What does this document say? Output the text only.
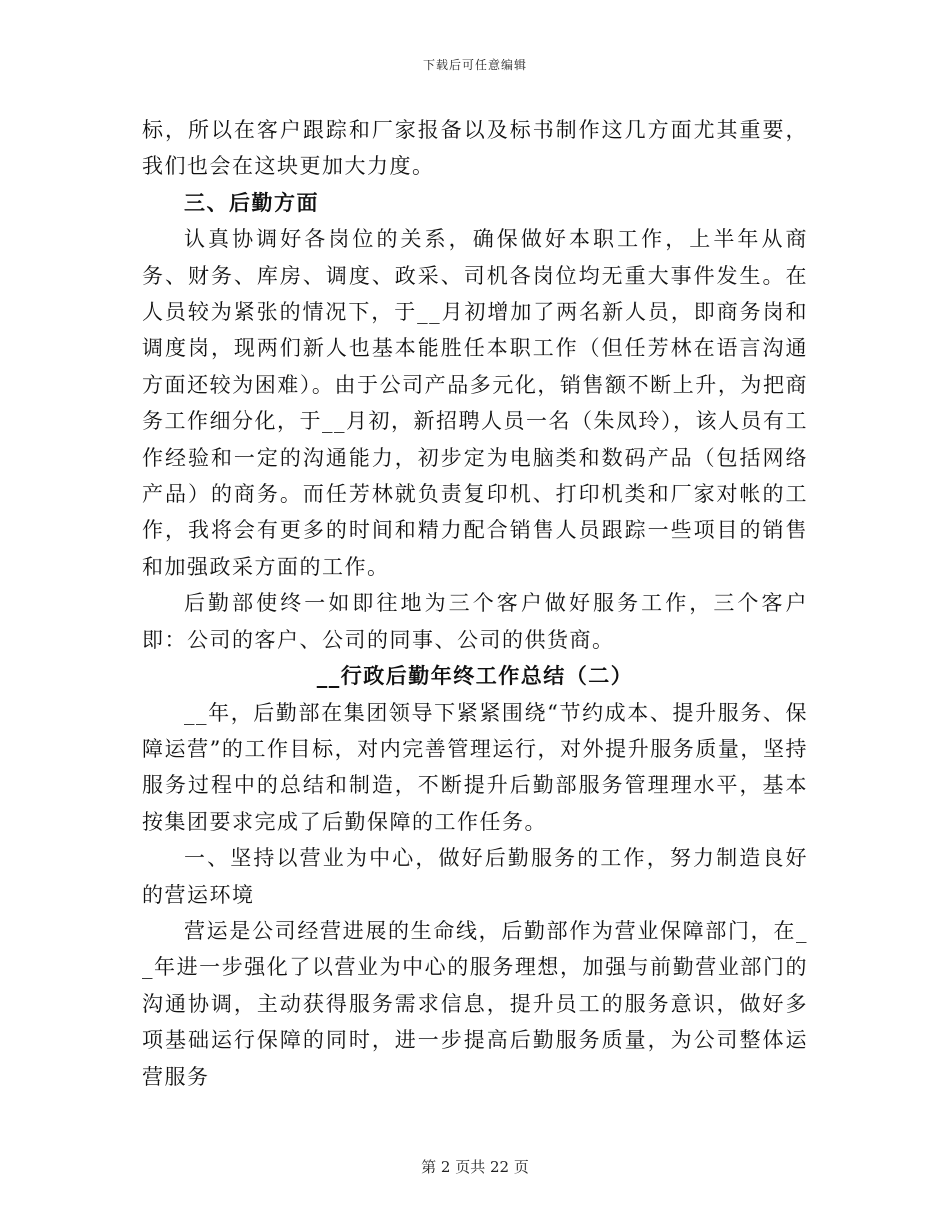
下载后可任意编辑

标，所以在客户跟踪和厂家报备以及标书制作这几方面尤其重要，我们也会在这块更加大力度。

三、后勤方面

认真协调好各岗位的关系，确保做好本职工作，上半年从商务、财务、库房、调度、政采、司机各岗位均无重大事件发生。在人员较为紧张的情况下，于__月初增加了两名新人员，即商务岗和调度岗，现两们新人也基本能胜任本职工作（但任芳林在语言沟通方面还较为困难）。由于公司产品多元化，销售额不断上升，为把商务工作细分化，于__月初，新招聘人员一名（朱凤玲），该人员有工作经验和一定的沟通能力，初步定为电脑类和数码产品（包括网络产品）的商务。而任芳林就负责复印机、打印机类和厂家对帐的工作，我将会有更多的时间和精力配合销售人员跟踪一些项目的销售和加强政采方面的工作。

后勤部使终一如即往地为三个客户做好服务工作，三个客户即：公司的客户、公司的同事、公司的供货商。

__行政后勤年终工作总结（二）

__年，后勤部在集团领导下紧紧围绕“节约成本、提升服务、保障运营”的工作目标，对内完善管理运行，对外提升服务质量，坚持服务过程中的总结和制造，不断提升后勤部服务管理理水平，基本按集团要求完成了后勤保障的工作任务。

一、坚持以营业为中心，做好后勤服务的工作，努力制造良好的营运环境

营运是公司经营进展的生命线，后勤部作为营业保障部门，在__年进一步强化了以营业为中心的服务理想，加强与前勤营业部门的沟通协调，主动获得服务需求信息，提升员工的服务意识，做好多项基础运行保障的同时，进一步提高后勤服务质量，为公司整体运营服务

第 2 页共 22 页
